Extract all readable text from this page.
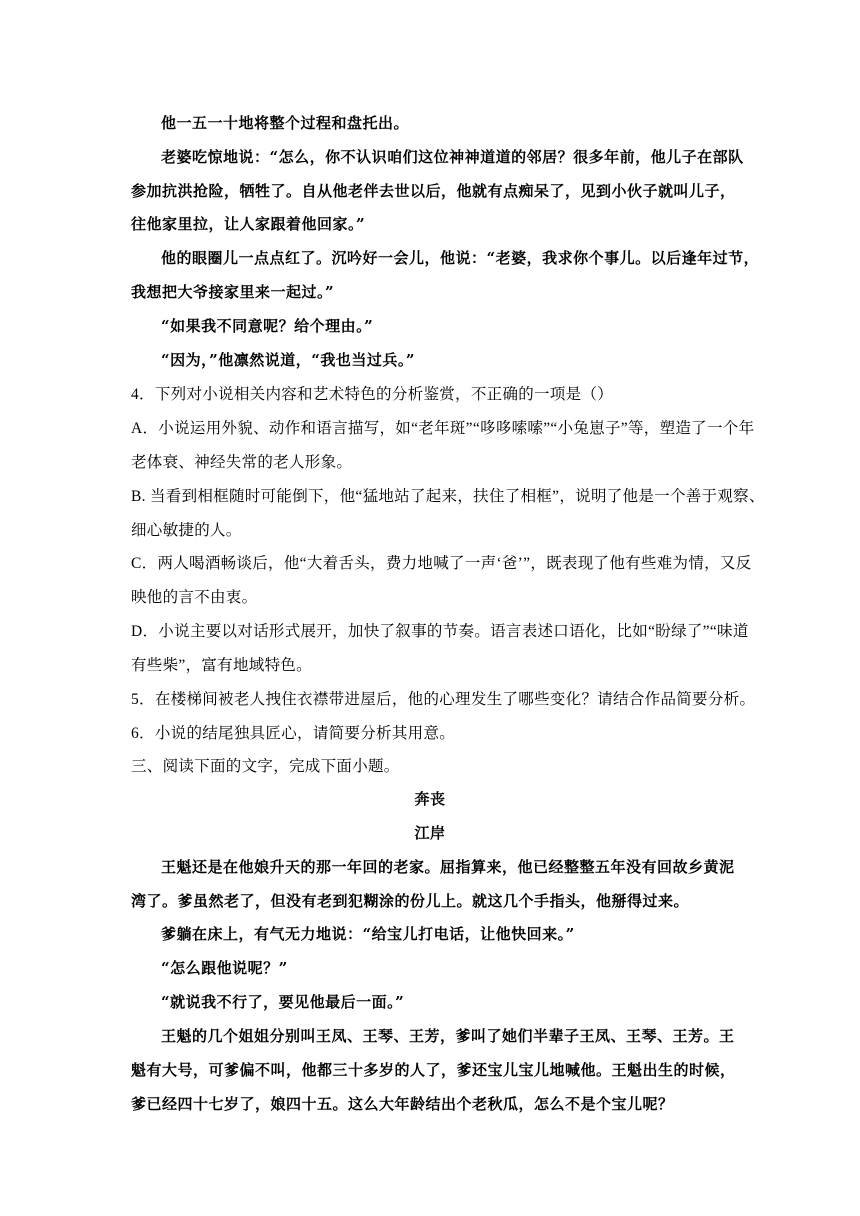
他一五一十地将整个过程和盘托出。
老婆吃惊地说：“怎么，你不认识咱们这位神神道道的邻居？很多年前，他儿子在部队
参加抗洪抢险，牺牲了。自从他老伴去世以后，他就有点痴呆了，见到小伙子就叫儿子，
往他家里拉，让人家跟着他回家。”
他的眼圈儿一点点红了。沉吟好一会儿，他说：“老婆，我求你个事儿。以后逢年过节，
我想把大爷接家里来一起过。”
“如果我不同意呢？给个理由。”
“因为，”他凛然说道，“我也当过兵。”
4．下列对小说相关内容和艺术特色的分析鉴赏，不正确的一项是（）
A．小说运用外貌、动作和语言描写，如“老年斑”“哆哆嗦嗦”“小兔崽子”等，塑造了一个年
老体衰、神经失常的老人形象。
B. 当看到相框随时可能倒下，他“猛地站了起来，扶住了相框”，说明了他是一个善于观察、
细心敏捷的人。
C．两人喝酒畅谈后，他“大着舌头，费力地喊了一声‘爸’”，既表现了他有些难为情，又反
映他的言不由衷。
D．小说主要以对话形式展开，加快了叙事的节奏。语言表述口语化，比如“盼绿了”“味道
有些柴”，富有地域特色。
5．在楼梯间被老人拽住衣襟带进屋后，他的心理发生了哪些变化？请结合作品简要分析。
6．小说的结尾独具匠心，请简要分析其用意。
三、阅读下面的文字，完成下面小题。
奔丧
江岸
王魁还是在他娘升天的那一年回的老家。屈指算来，他已经整整五年没有回故乡黄泥
湾了。爹虽然老了，但没有老到犯糊涂的份儿上。就这几个手指头，他掰得过来。
爹躺在床上，有气无力地说：“给宝儿打电话，让他快回来。”
“怎么跟他说呢？”
“就说我不行了，要见他最后一面。”
王魁的几个姐姐分别叫王凤、王琴、王芳，爹叫了她们半辈子王凤、王琴、王芳。王
魁有大号，可爹偏不叫，他都三十多岁的人了，爹还宝儿宝儿地喊他。王魁出生的时候，
爹已经四十七岁了，娘四十五。这么大年龄结出个老秋瓜，怎么不是个宝儿呢？
